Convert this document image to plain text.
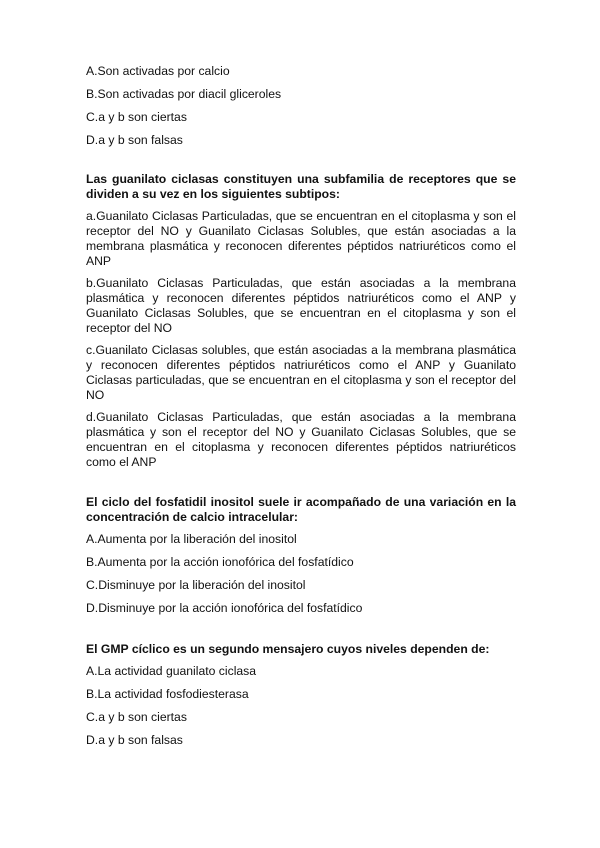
A.Son activadas por calcio

B.Son activadas por diacil gliceroles

C.a y b son ciertas

D.a y b son falsas

Las guanilato ciclasas constituyen una subfamilia de receptores que se dividen a su vez en los siguientes subtipos:

a.Guanilato Ciclasas Particuladas, que se encuentran en el citoplasma y son el receptor del NO y Guanilato Ciclasas Solubles, que están asociadas a la membrana plasmática y reconocen diferentes péptidos natriuréticos como el ANP

b.Guanilato Ciclasas Particuladas, que están asociadas a la membrana plasmática y reconocen diferentes péptidos natriuréticos como el ANP y Guanilato Ciclasas Solubles, que se encuentran en el citoplasma y son el receptor del NO

c.Guanilato Ciclasas solubles, que están asociadas a la membrana plasmática y reconocen diferentes péptidos natriuréticos como el ANP y Guanilato Ciclasas particuladas, que se encuentran en el citoplasma y son el receptor del NO

d.Guanilato Ciclasas Particuladas, que están asociadas a la membrana plasmática y son el receptor del NO y Guanilato Ciclasas Solubles, que se encuentran en el citoplasma y reconocen diferentes péptidos natriuréticos como el ANP

El ciclo del fosfatidil inositol suele ir acompañado de una variación en la concentración de calcio intracelular:

A.Aumenta por la liberación del inositol

B.Aumenta por la acción ionofórica del fosfatídico

C.Disminuye por la liberación del inositol

D.Disminuye por la acción ionofórica del fosfatídico

El GMP cíclico es un segundo mensajero cuyos niveles dependen de:

A.La actividad guanilato ciclasa

B.La actividad fosfodiesterasa

C.a y b son ciertas

D.a y b son falsas
